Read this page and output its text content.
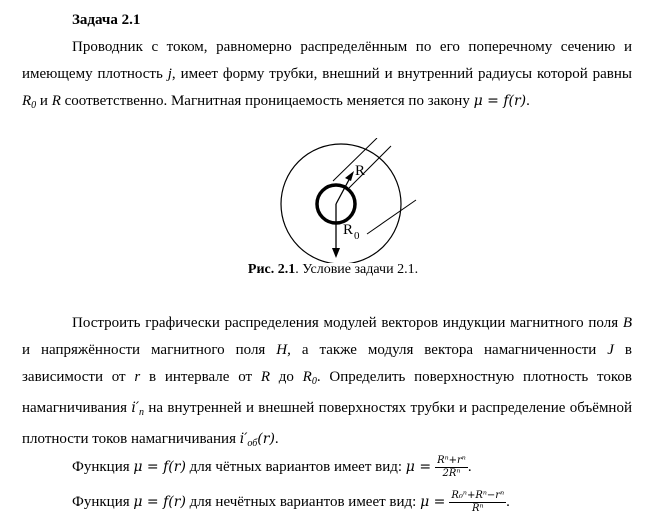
Задача 2.1
Проводник с током, равномерно распределённым по его поперечному сечению и имеющему плотность j, имеет форму трубки, внешний и внутренний радиусы которой равны $R_0$ и R соответственно. Магнитная проницаемость меняется по закону μ = f(r).
R
R 0
Рис. 2.1. Условие задачи 2.1.
Построить графически распределения модулей векторов индукции магнитного поля B и напряжённости магнитного поля H, а также модуля вектора намагниченности J в зависимости от r в интервале от R до $R_0$. Определить поверхностную плотность токов намагничивания $i'_п$ на внутренней и внешней поверхностях трубки и распределение объёмной плотности токов намагничивания $i'_{об}(r)$.
Функция μ = f(r) для чётных вариантов имеет вид: $\mu = \frac{\text{Rⁿ+rⁿ}}{\text{2Rⁿ}}$ .
Функция μ = f(r) для нечётных вариантов имеет вид: $\mu = \frac{\text{R₀ⁿ+Rⁿ−rⁿ}}{\text{Rⁿ}}$ .
